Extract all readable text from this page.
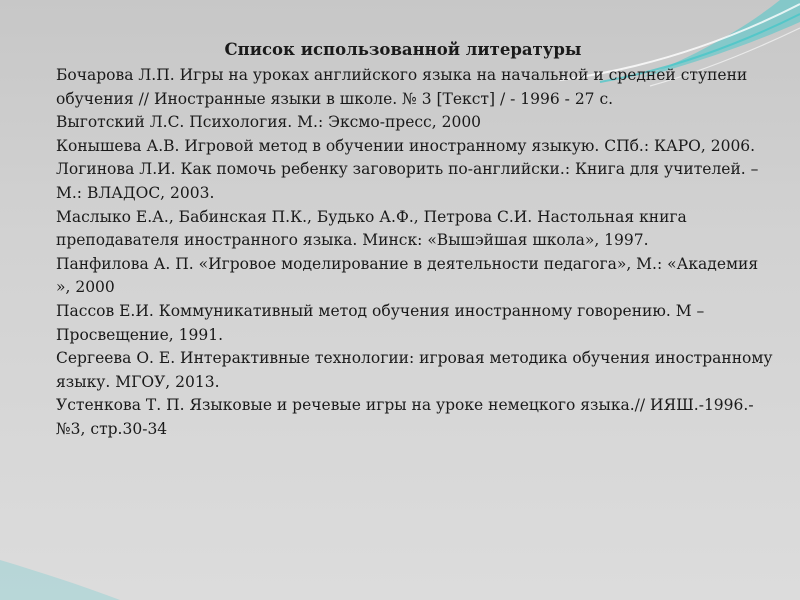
Список использованной литературы

Бочарова Л.П. Игры на уроках английского языка на начальной и средней ступени обучения // Иностранные языки в школе. № 3 [Текст] / - 1996 - 27 с.

Выготский Л.С. Психология. М.: Эксмо-пресс, 2000

Конышева А.В. Игровой метод в обучении иностранному языкую. СПб.: КАРО, 2006.

Логинова Л.И. Как помочь ребенку заговорить по-английски.: Книга для учителей. – М.: ВЛАДОС, 2003.

Маслыко Е.А., Бабинская П.К., Будько А.Ф., Петрова С.И. Настольная книга преподавателя иностранного языка. Минск: «Вышэйшая школа», 1997.

Панфилова А. П. «Игровое моделирование в деятельности педагога», М.: «Академия », 2000

Пассов Е.И. Коммуникативный метод обучения иностранному говорению. М – Просвещение, 1991.

Сергеева О. Е. Интерактивные технологии: игровая методика обучения иностранному языку. МГОУ, 2013.

Устенкова Т. П. Языковые и речевые игры на уроке немецкого языка.// ИЯШ.-1996.-№3, стр.30-34
